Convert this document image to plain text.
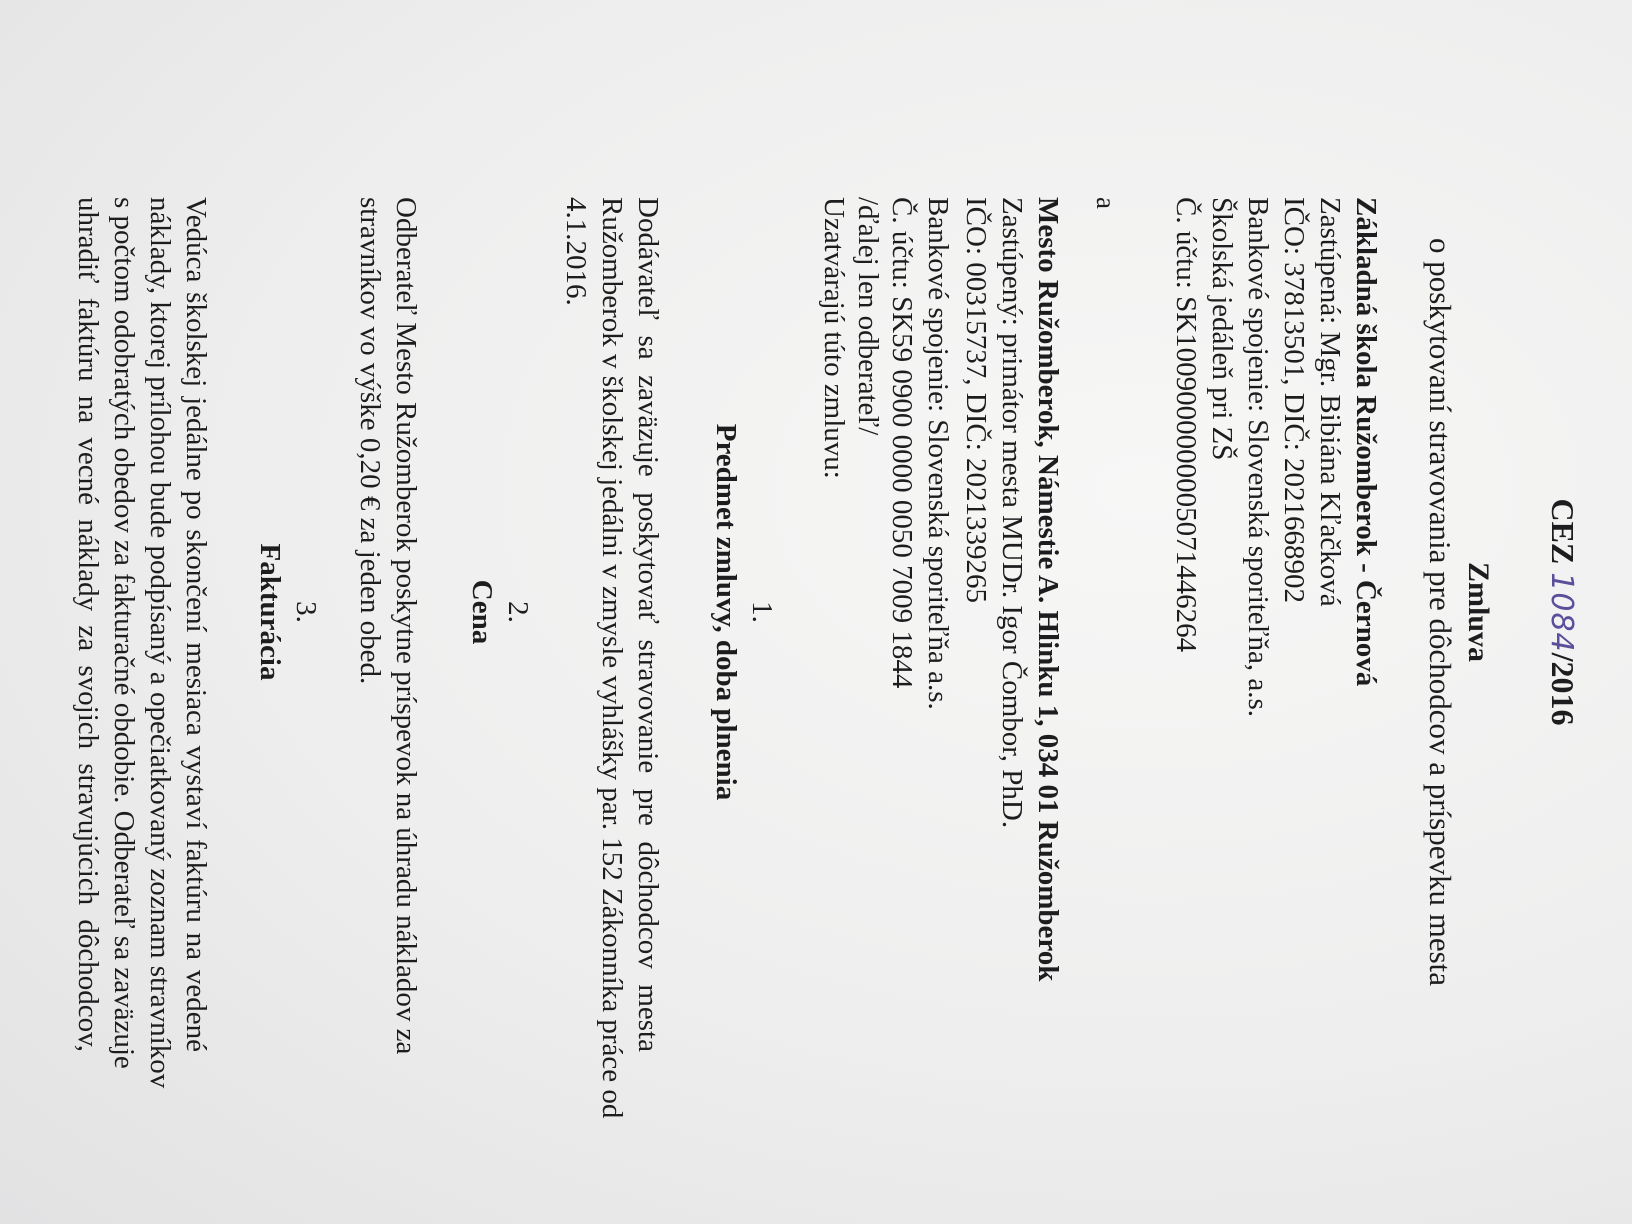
CEZ 1084/2016
Zmluva
o poskytovaní stravovania pre dôchodcov a príspevku mesta
Základná škola Ružomberok - Černová
Zastúpená: Mgr. Bibiána Kľačková
IČO: 37813501, DIČ: 2021668902
Bankové spojenie: Slovenská sporiteľňa, a.s.
Školská jedáleň pri ZŠ
Č. účtu: SK1009000000005071446264
a
Mesto Ružomberok, Námestie A. Hlinku 1, 034 01 Ružomberok
Zastúpený: primátor mesta MUDr. Igor Čombor, PhD.
IČO: 00315737, DIČ: 2021339265
Bankové spojenie: Slovenská sporiteľňa a.s.
Č. účtu: SK59 0900 0000 0050 7009 1844
/ďalej len odberateľ/
Uzatvárajú túto zmluvu:
1.
Predmet zmluvy, doba plnenia
Dodávateľ sa zaväzuje poskytovať stravovanie pre dôchodcov mesta
Ružomberok v školskej jedálni v zmysle vyhlášky par. 152 Zákonníka práce od
4.1.2016.
2.
Cena
Odberateľ Mesto Ružomberok poskytne príspevok na úhradu nákladov za
stravníkov vo výške 0,20 € za jeden obed.
3.
Fakturácia
Vedúca školskej jedálne po skončení mesiaca vystaví faktúru na vedené
náklady, ktorej prílohou bude podpísaný a opečiatkovaný zoznam stravníkov
s počtom odobratých obedov za fakturačné obdobie. Odberateľ sa zaväzuje
uhradiť faktúru na vecné náklady za svojich stravujúcich dôchodcov,
